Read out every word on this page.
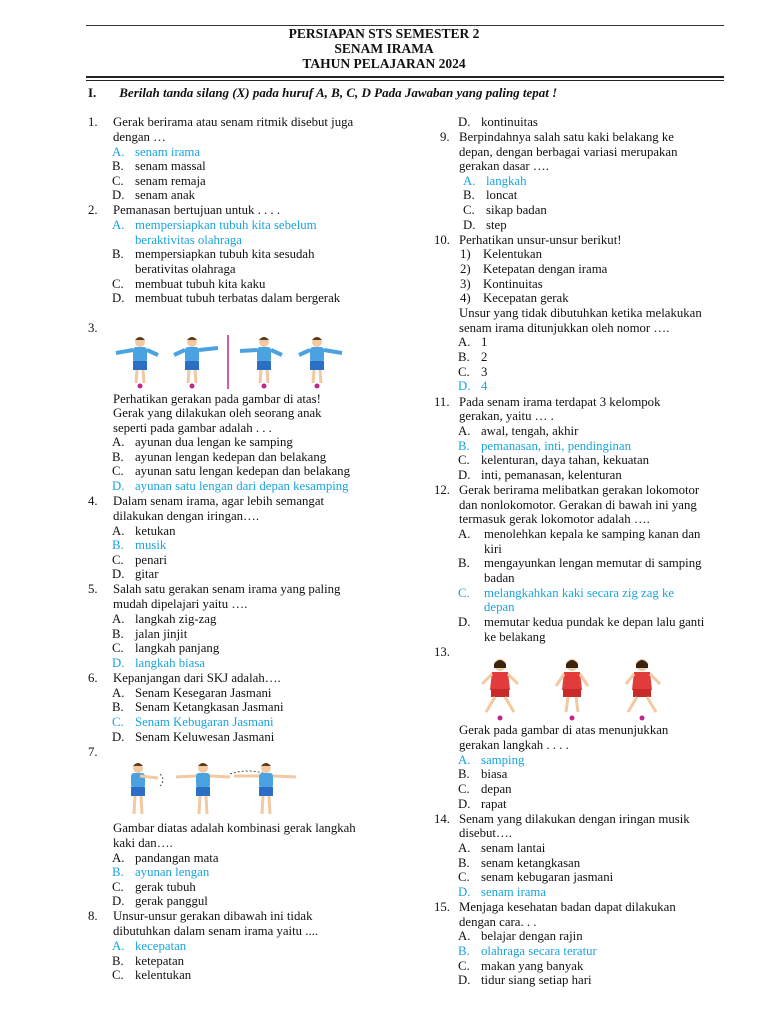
PERSIAPAN STS SEMESTER 2
SENAM IRAMA
TAHUN PELAJARAN 2024
I. Berilah tanda silang (X) pada huruf A, B, C, D Pada Jawaban yang paling tepat !
1. Gerak berirama atau senam ritmik disebut juga
dengan …
A. senam irama
B. senam massal
C. senam remaja
D. senam anak
2. Pemanasan bertujuan untuk . . . .
A. mempersiapkan tubuh kita sebelum
beraktivitas olahraga
B. mempersiapkan tubuh kita sesudah
berativitas olahraga
C. membuat tubuh kita kaku
D. membuat tubuh terbatas dalam bergerak
3.
Perhatikan gerakan pada gambar di atas!
Gerak yang dilakukan oleh seorang anak
seperti pada gambar adalah . . .
A. ayunan dua lengan ke samping
B. ayunan lengan kedepan dan belakang
C. ayunan satu lengan kedepan dan belakang
D. ayunan satu lengan dari depan kesamping
4. Dalam senam irama, agar lebih semangat
dilakukan dengan iringan….
A. ketukan
B. musik
C. penari
D. gitar
5. Salah satu gerakan senam irama yang paling
mudah dipelajari yaitu ….
A. langkah zig-zag
B. jalan jinjit
C. langkah panjang
D. langkah biasa
6. Kepanjangan dari SKJ adalah….
A. Senam Kesegaran Jasmani
B. Senam Ketangkasan Jasmani
C. Senam Kebugaran Jasmani
D. Senam Keluwesan Jasmani
7.
Gambar diatas adalah kombinasi gerak langkah
kaki dan….
A. pandangan mata
B. ayunan lengan
C. gerak tubuh
D. gerak panggul
8. Unsur-unsur gerakan dibawah ini tidak
dibutuhkan dalam senam irama yaitu ....
A. kecepatan
B. ketepatan
C. kelentukan
D. kontinuitas
9. Berpindahnya salah satu kaki belakang ke
depan, dengan berbagai variasi merupakan
gerakan dasar ….
A. langkah
B. loncat
C. sikap badan
D. step
10. Perhatikan unsur-unsur berikut!
1) Kelentukan
2) Ketepatan dengan irama
3) Kontinuitas
4) Kecepatan gerak
Unsur yang tidak dibutuhkan ketika melakukan
senam irama ditunjukkan oleh nomor ….
A. 1
B. 2
C. 3
D. 4
11. Pada senam irama terdapat 3 kelompok
gerakan, yaitu … .
A. awal, tengah, akhir
B. pemanasan, inti, pendinginan
C. kelenturan, daya tahan, kekuatan
D. inti, pemanasan, kelenturan
12. Gerak berirama melibatkan gerakan lokomotor
dan nonlokomotor. Gerakan di bawah ini yang
termasuk gerak lokomotor adalah ….
A. menolehkan kepala ke samping kanan dan
kiri
B. mengayunkan lengan memutar di samping
badan
C. melangkahkan kaki secara zig zag ke
depan
D. memutar kedua pundak ke depan lalu ganti
ke belakang
13.
Gerak pada gambar di atas menunjukkan
gerakan langkah . . . .
A. samping
B. biasa
C. depan
D. rapat
14. Senam yang dilakukan dengan iringan musik
disebut….
A. senam lantai
B. senam ketangkasan
C. senam kebugaran jasmani
D. senam irama
15. Menjaga kesehatan badan dapat dilakukan
dengan cara. . .
A. belajar dengan rajin
B. olahraga secara teratur
C. makan yang banyak
D. tidur siang setiap hari
